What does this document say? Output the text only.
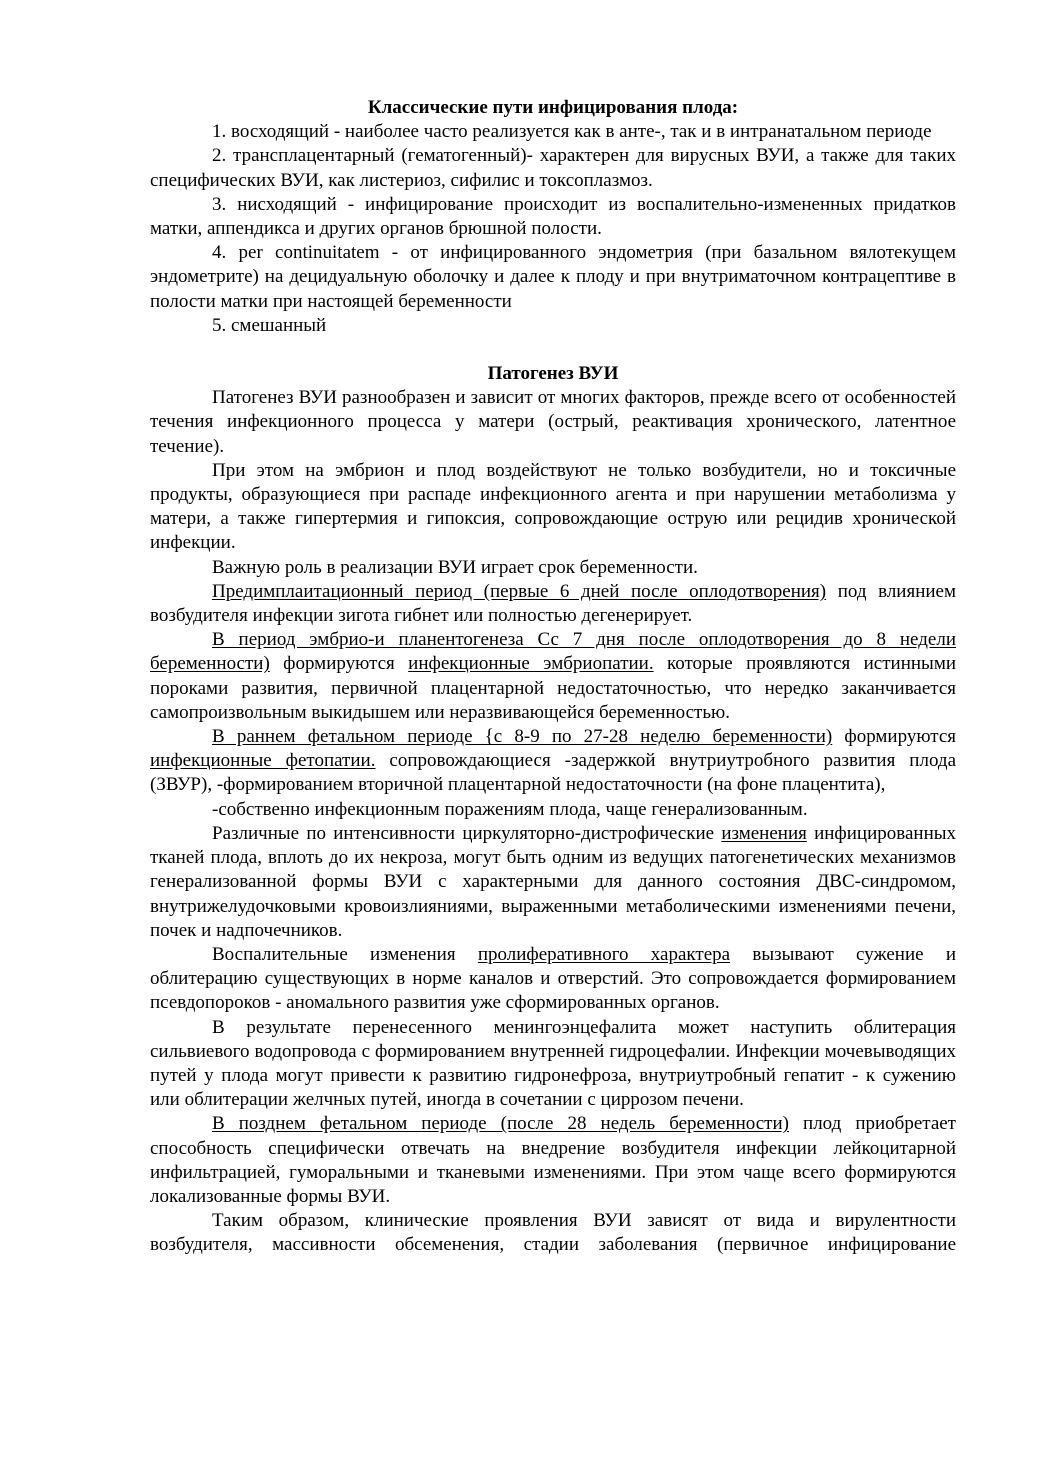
Классические пути инфицирования плода:

1. восходящий - наиболее часто реализуется как в анте-, так и в интранатальном периоде

2. трансплацентарный (гематогенный)- характерен для вирусных ВУИ, а также для таких специфических ВУИ, как листериоз, сифилис и токсоплазмоз.

3. нисходящий - инфицирование происходит из воспалительно-измененных придатков матки, аппендикса и других органов брюшной полости.

4. per continuitatem - от инфицированного эндометрия (при базальном вялотекущем эндометрите) на децидуальную оболочку и далее к плоду и при внутриматочном контрацептиве в полости матки при настоящей беременности

5. смешанный

Патогенез ВУИ

Патогенез ВУИ разнообразен и зависит от многих факторов, прежде всего от особенностей течения инфекционного процесса у матери (острый, реактивация хронического, латентное течение).

При этом на эмбрион и плод воздействуют не только возбудители, но и токсичные продукты, образующиеся при распаде инфекционного агента и при нарушении метаболизма у матери, а также гипертермия и гипоксия, сопровождающие острую или рецидив хронической инфекции.

Важную роль в реализации ВУИ играет срок беременности.

Предимплаитационный период (первые 6 дней после оплодотворения) под влиянием возбудителя инфекции зигота гибнет или полностью дегенерирует.

В период эмбрио-и планентогенеза Сс 7 дня после оплодотворения до 8 недели беременности) формируются инфекционные эмбриопатии. которые проявляются истинными пороками развития, первичной плацентарной недостаточностью, что нередко заканчивается самопроизвольным выкидышем или неразвивающейся беременностью.

В раннем фетальном периоде {с 8-9 по 27-28 неделю беременности) формируются инфекционные фетопатии. сопровождающиеся -задержкой внутриутробного развития плода (ЗВУР), -формированием вторичной плацентарной недостаточности (на фоне плацентита),

-собственно инфекционным поражениям плода, чаще генерализованным.

Различные по интенсивности циркуляторно-дистрофические изменения инфицированных тканей плода, вплоть до их некроза, могут быть одним из ведущих патогенетических механизмов генерализованной формы ВУИ с характерными для данного состояния ДВС-синдромом, внутрижелудочковыми кровоизлияниями, выраженными метаболическими изменениями печени, почек и надпочечников.

Воспалительные изменения пролиферативного характера вызывают сужение и облитерацию существующих в норме каналов и отверстий. Это сопровождается формированием псевдопороков - аномального развития уже сформированных органов.

В результате перенесенного менингоэнцефалита может наступить облитерация сильвиевого водопровода с формированием внутренней гидроцефалии. Инфекции мочевыводящих путей у плода могут привести к развитию гидронефроза, внутриутробный гепатит - к сужению или облитерации желчных путей, иногда в сочетании с циррозом печени.

В позднем фетальном периоде (после 28 недель беременности) плод приобретает способность специфически отвечать на внедрение возбудителя инфекции лейкоцитарной инфильтрацией, гуморальными и тканевыми изменениями. При этом чаще всего формируются локализованные формы ВУИ.

Таким образом, клинические проявления ВУИ зависят от вида и вирулентности возбудителя, массивности обсеменения, стадии заболевания (первичное инфицирование
